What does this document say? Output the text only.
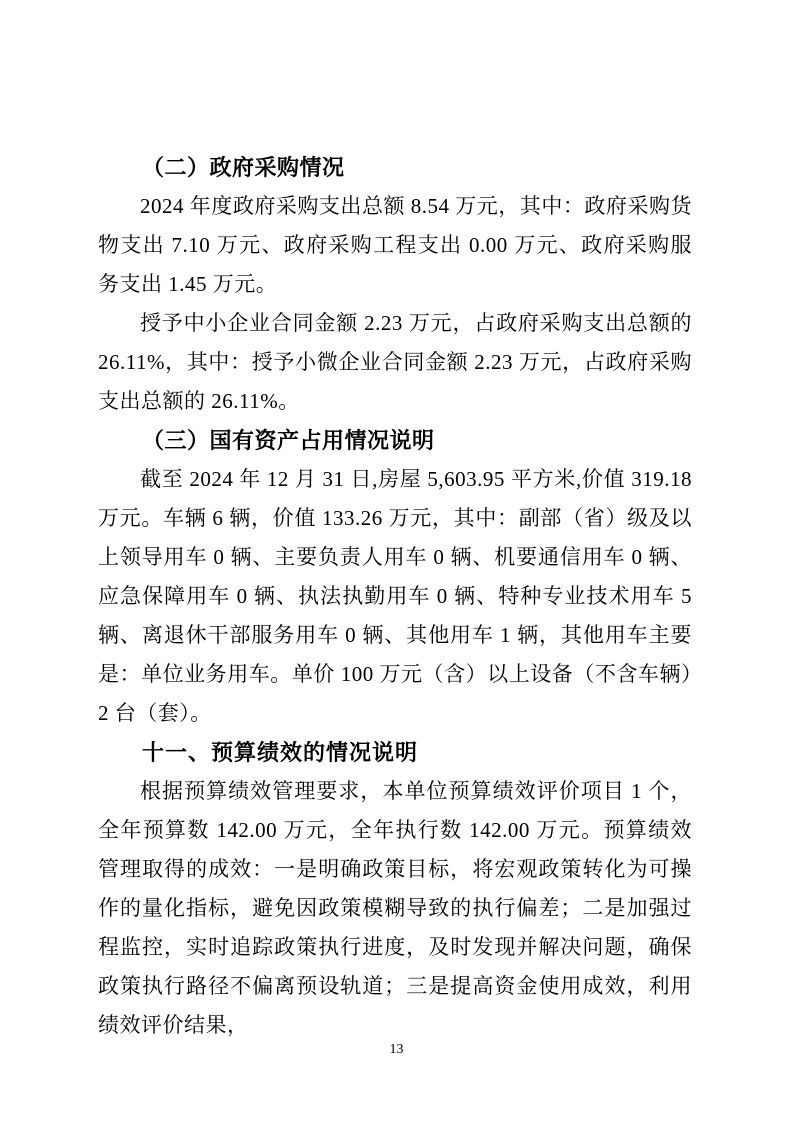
（二）政府采购情况

2024 年度政府采购支出总额 8.54 万元，其中：政府采购货物支出 7.10 万元、政府采购工程支出 0.00 万元、政府采购服务支出 1.45 万元。

授予中小企业合同金额 2.23 万元，占政府采购支出总额的 26.11%，其中：授予小微企业合同金额 2.23 万元，占政府采购支出总额的 26.11%。

（三）国有资产占用情况说明

截至 2024 年 12 月 31 日,房屋 5,603.95 平方米,价值 319.18 万元。车辆 6 辆，价值 133.26 万元，其中：副部（省）级及以上领导用车 0 辆、主要负责人用车 0 辆、机要通信用车 0 辆、应急保障用车 0 辆、执法执勤用车 0 辆、特种专业技术用车 5 辆、离退休干部服务用车 0 辆、其他用车 1 辆，其他用车主要是：单位业务用车。单价 100 万元（含）以上设备（不含车辆）2 台（套）。

十一、预算绩效的情况说明

根据预算绩效管理要求，本单位预算绩效评价项目 1 个，全年预算数 142.00 万元，全年执行数 142.00 万元。预算绩效管理取得的成效：一是明确政策目标，将宏观政策转化为可操作的量化指标，避免因政策模糊导致的执行偏差；二是加强过程监控，实时追踪政策执行进度，及时发现并解决问题，确保政策执行路径不偏离预设轨道；三是提高资金使用成效，利用绩效评价结果，

13
